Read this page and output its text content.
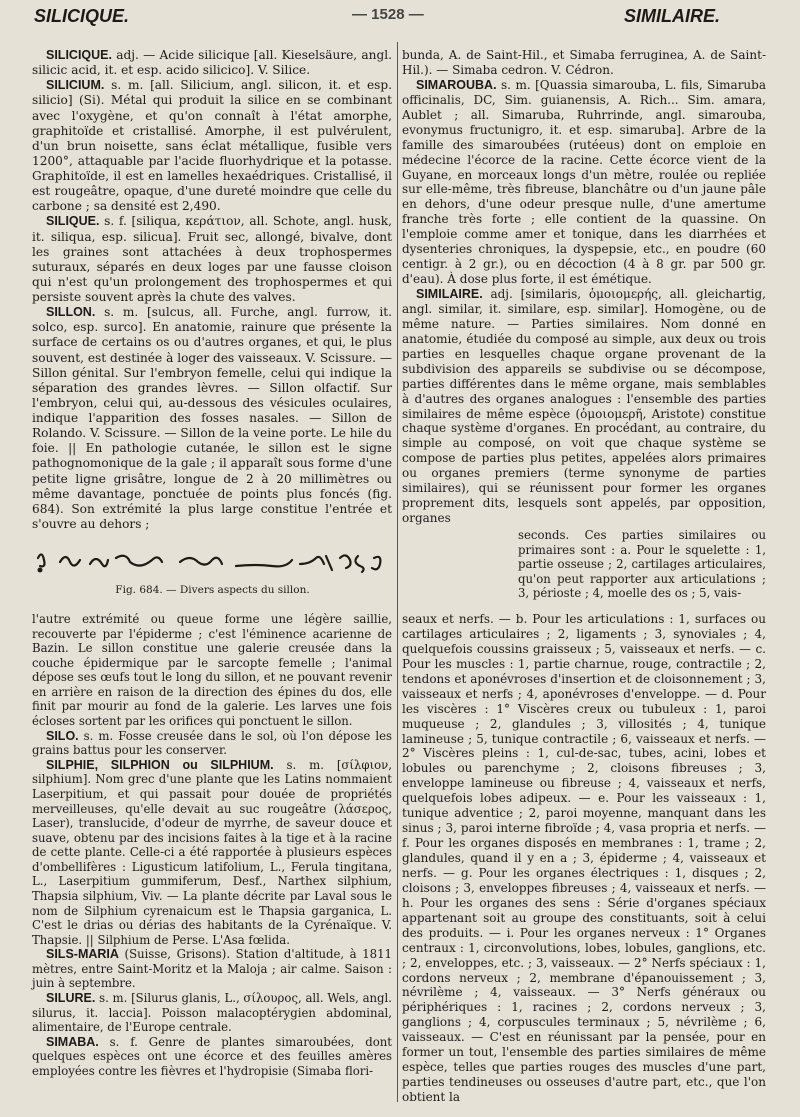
SILICIQUE.	— 1528 —	SIMILAIRE.

SILICIQUE. adj. — Acide silicique [all. Kieselsäure, angl. silicic acid, it. et esp. acido silicico]. V. Silice.

SILICIUM. s. m. [all. Silicium, angl. silicon, it. et esp. silicio] (Si). Métal qui produit la silice en se combinant avec l'oxygène, et qu'on connaît à l'état amorphe, graphitoïde et cristallisé. Amorphe, il est pulvérulent, d'un brun noisette, sans éclat métallique, fusible vers 1200°, attaquable par l'acide fluorhydrique et la potasse. Graphitoïde, il est en lamelles hexaédriques. Cristallisé, il est rougeâtre, opaque, d'une dureté moindre que celle du carbone ; sa densité est 2,490.

SILIQUE. s. f. [siliqua, κεράτιον, all. Schote, angl. husk, it. siliqua, esp. silicua]. Fruit sec, allongé, bivalve, dont les graines sont attachées à deux trophospermes suturaux, séparés en deux loges par une fausse cloison qui n'est qu'un prolongement des trophospermes et qui persiste souvent après la chute des valves.

SILLON. s. m. [sulcus, all. Furche, angl. furrow, it. solco, esp. surco]. En anatomie, rainure que présente la surface de certains os ou d'autres organes, et qui, le plus souvent, est destinée à loger des vaisseaux. V. Scissure. — Sillon génital. Sur l'embryon femelle, celui qui indique la séparation des grandes lèvres. — Sillon olfactif. Sur l'embryon, celui qui, au-dessous des vésicules oculaires, indique l'apparition des fosses nasales. — Sillon de Rolando. V. Scissure. — Sillon de la veine porte. Le hile du foie. || En pathologie cutanée, le sillon est le signe pathognomonique de la gale ; il apparaît sous forme d'une petite ligne grisâtre, longue de 2 à 20 millimètres ou même davantage, ponctuée de points plus foncés (fig. 684). Son extrémité la plus large constitue l'entrée et s'ouvre au dehors ;

Fig. 684. — Divers aspects du sillon.

l'autre extrémité ou queue forme une légère saillie, recouverte par l'épiderme ; c'est l'éminence acarienne de Bazin. Le sillon constitue une galerie creusée dans la couche épidermique par le sarcopte femelle ; l'animal dépose ses œufs tout le long du sillon, et ne pouvant revenir en arrière en raison de la direction des épines du dos, elle finit par mourir au fond de la galerie. Les larves une fois écloses sortent par les orifices qui ponctuent le sillon.

SILO. s. m. Fosse creusée dans le sol, où l'on dépose les grains battus pour les conserver.

SILPHIE, SILPHION ou SILPHIUM. s. m. [σίλφιον, silphium]. Nom grec d'une plante que les Latins nommaient Laserpitium, et qui passait pour douée de propriétés merveilleuses, qu'elle devait au suc rougeâtre (λάσερος, Laser), translucide, d'odeur de myrrhe, de saveur douce et suave, obtenu par des incisions faites à la tige et à la racine de cette plante. Celle-ci a été rapportée à plusieurs espèces d'ombellifères : Ligusticum latifolium, L., Ferula tingitana, L., Laserpitium gummiferum, Desf., Narthex silphium, Thapsia silphium, Viv. — La plante décrite par Laval sous le nom de Silphium cyrenaicum est le Thapsia garganica, L. C'est le drias ou dérias des habitants de la Cyrénaïque. V. Thapsie. || Silphium de Perse. L'Asa fœlida.

SILS-MARIA (Suisse, Grisons). Station d'altitude, à 1811 mètres, entre Saint-Moritz et la Maloja ; air calme. Saison : juin à septembre.

SILURE. s. m. [Silurus glanis, L., σίλουρος, all. Wels, angl. silurus, it. laccia]. Poisson malacoptérygien abdominal, alimentaire, de l'Europe centrale.

SIMABA. s. f. Genre de plantes simaroubées, dont quelques espèces ont une écorce et des feuilles amères employées contre les fièvres et l'hydropisie (Simaba flori-

bunda, A. de Saint-Hil., et Simaba ferruginea, A. de Saint-Hil.). — Simaba cedron. V. Cédron.

SIMAROUBA. s. m. [Quassia simarouba, L. fils, Simaruba officinalis, DC, Sim. guianensis, A. Rich... Sim. amara, Aublet ; all. Simaruba, Ruhrrinde, angl. simarouba, evonymus fructunigro, it. et esp. simaruba]. Arbre de la famille des simaroubées (rutéeus) dont on emploie en médecine l'écorce de la racine. Cette écorce vient de la Guyane, en morceaux longs d'un mètre, roulée ou repliée sur elle-même, très fibreuse, blanchâtre ou d'un jaune pâle en dehors, d'une odeur presque nulle, d'une amertume franche très forte ; elle contient de la quassine. On l'emploie comme amer et tonique, dans les diarrhées et dysenteries chroniques, la dyspepsie, etc., en poudre (60 centigr. à 2 gr.), ou en décoction (4 à 8 gr. par 500 gr. d'eau). À dose plus forte, il est émétique.

SIMILAIRE. adj. [similaris, ὁμοιομερής, all. gleichartig, angl. similar, it. similare, esp. similar]. Homogène, ou de même nature. — Parties similaires. Nom donné en anatomie, étudiée du composé au simple, aux deux ou trois parties en lesquelles chaque organe provenant de la subdivision des appareils se subdivise ou se décompose, parties différentes dans le même organe, mais semblables à d'autres des organes analogues : l'ensemble des parties similaires de même espèce (ὁμοιομερῆ, Aristote) constitue chaque système d'organes. En procédant, au contraire, du simple au composé, on voit que chaque système se compose de parties plus petites, appelées alors primaires ou organes premiers (terme synonyme de parties similaires), qui se réunissent pour former les organes proprement dits, lesquels sont appelés, par opposition, organes

seconds. Ces parties similaires ou primaires sont : a. Pour le squelette : 1, partie osseuse ; 2, cartilages articulaires, qu'on peut rapporter aux articulations ; 3, périoste ; 4, moelle des os ; 5, vais-

seaux et nerfs. — b. Pour les articulations : 1, surfaces ou cartilages articulaires ; 2, ligaments ; 3, synoviales ; 4, quelquefois coussins graisseux ; 5, vaisseaux et nerfs. — c. Pour les muscles : 1, partie charnue, rouge, contractile ; 2, tendons et aponévroses d'insertion et de cloisonnement ; 3, vaisseaux et nerfs ; 4, aponévroses d'enveloppe. — d. Pour les viscères : 1° Viscères creux ou tubuleux : 1, paroi muqueuse ; 2, glandules ; 3, villosités ; 4, tunique lamineuse ; 5, tunique contractile ; 6, vaisseaux et nerfs. — 2° Viscères pleins : 1, cul-de-sac, tubes, acini, lobes et lobules ou parenchyme ; 2, cloisons fibreuses ; 3, enveloppe lamineuse ou fibreuse ; 4, vaisseaux et nerfs, quelquefois lobes adipeux. — e. Pour les vaisseaux : 1, tunique adventice ; 2, paroi moyenne, manquant dans les sinus ; 3, paroi interne fibroïde ; 4, vasa propria et nerfs. — f. Pour les organes disposés en membranes : 1, trame ; 2, glandules, quand il y en a ; 3, épiderme ; 4, vaisseaux et nerfs. — g. Pour les organes électriques : 1, disques ; 2, cloisons ; 3, enveloppes fibreuses ; 4, vaisseaux et nerfs. — h. Pour les organes des sens : Série d'organes spéciaux appartenant soit au groupe des constituants, soit à celui des produits. — i. Pour les organes nerveux : 1° Organes centraux : 1, circonvolutions, lobes, lobules, ganglions, etc. ; 2, enveloppes, etc. ; 3, vaisseaux. — 2° Nerfs spéciaux : 1, cordons nerveux ; 2, membrane d'épanouissement ; 3, névrilème ; 4, vaisseaux. — 3° Nerfs généraux ou périphériques : 1, racines ; 2, cordons nerveux ; 3, ganglions ; 4, corpuscules terminaux ; 5, névrilème ; 6, vaisseaux. — C'est en réunissant par la pensée, pour en former un tout, l'ensemble des parties similaires de même espèce, telles que parties rouges des muscles d'une part, parties tendineuses ou osseuses d'autre part, etc., que l'on obtient la
